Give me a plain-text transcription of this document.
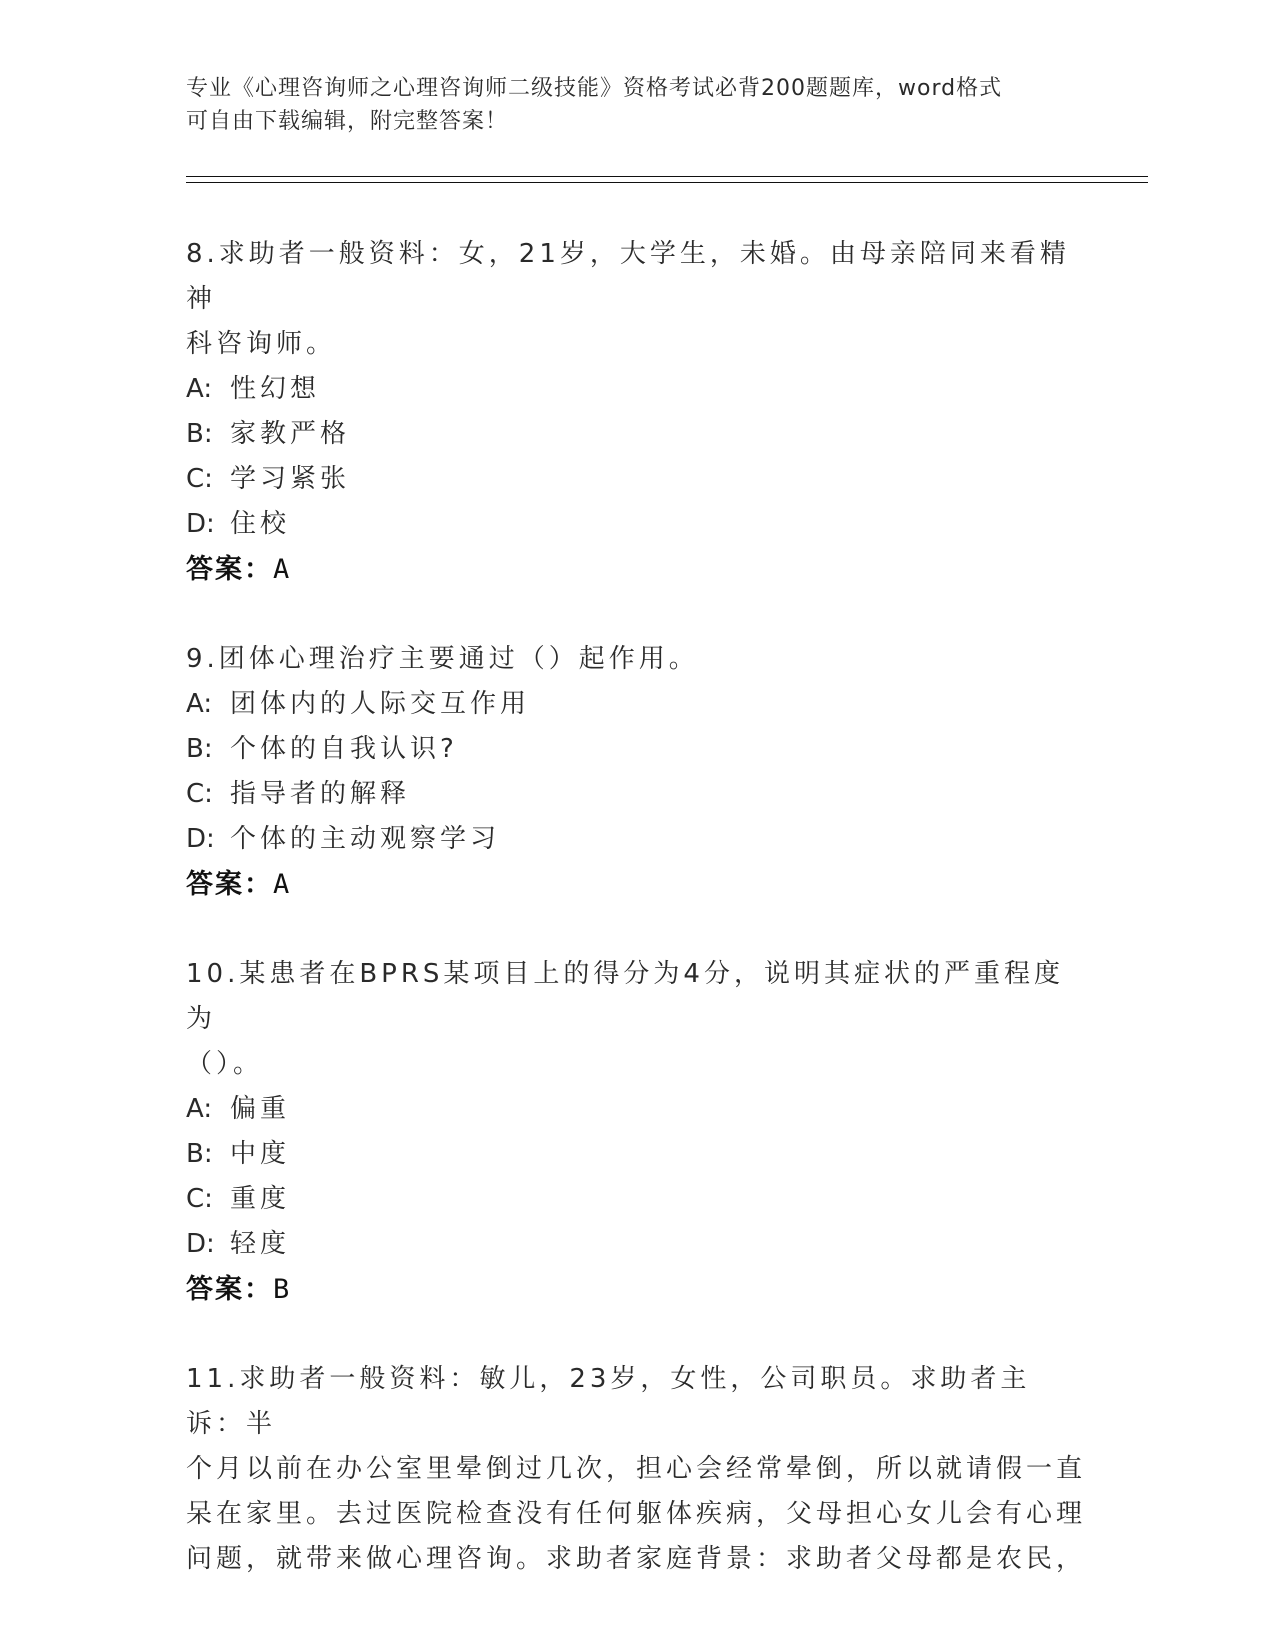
专业《心理咨询师之心理咨询师二级技能》资格考试必背200题题库，word格式
可自由下载编辑，附完整答案！

8.求助者一般资料：女，21岁，大学生，未婚。由母亲陪同来看精神
科咨询师。

A: 性幻想
B: 家教严格
C: 学习紧张
D: 住校
答案：A

9.团体心理治疗主要通过（）起作用。

A: 团体内的人际交互作用
B: 个体的自我认识?
C: 指导者的解释
D: 个体的主动观察学习
答案：A

10.某患者在BPRS某项目上的得分为4分，说明其症状的严重程度为
（）。

A: 偏重
B: 中度
C: 重度
D: 轻度
答案：B

11.求助者一般资料：敏儿，23岁，女性，公司职员。求助者主诉：半
个月以前在办公室里晕倒过几次，担心会经常晕倒，所以就请假一直
呆在家里。去过医院检查没有任何躯体疾病，父母担心女儿会有心理
问题，就带来做心理咨询。求助者家庭背景：求助者父母都是农民，
